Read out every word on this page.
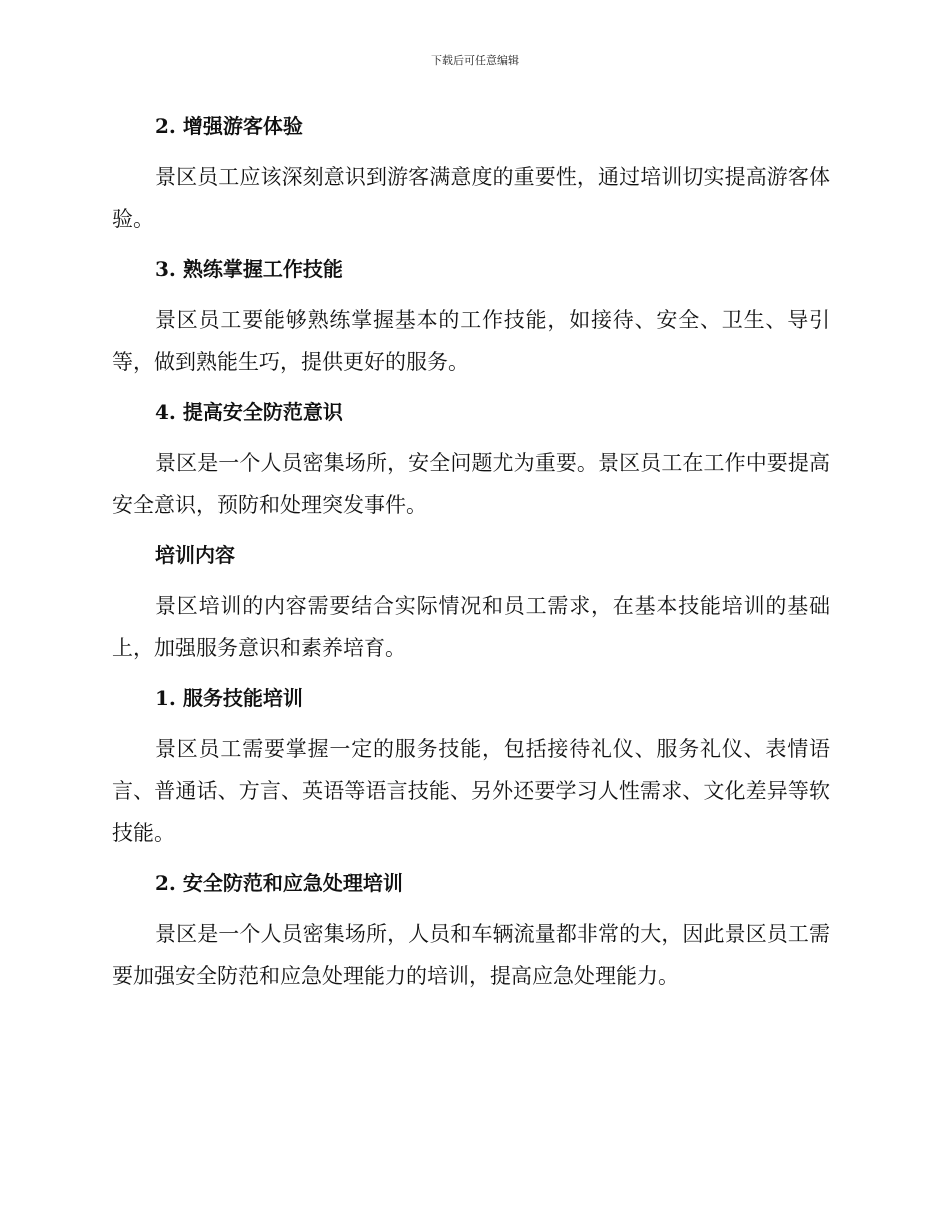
下载后可任意编辑
2. 增强游客体验

景区员工应该深刻意识到游客满意度的重要性，通过培训切实提高游客体验。

3. 熟练掌握工作技能

景区员工要能够熟练掌握基本的工作技能，如接待、安全、卫生、导引等，做到熟能生巧，提供更好的服务。

4. 提高安全防范意识

景区是一个人员密集场所，安全问题尤为重要。景区员工在工作中要提高安全意识，预防和处理突发事件。

培训内容

景区培训的内容需要结合实际情况和员工需求，在基本技能培训的基础上，加强服务意识和素养培育。

1. 服务技能培训

景区员工需要掌握一定的服务技能，包括接待礼仪、服务礼仪、表情语言、普通话、方言、英语等语言技能、另外还要学习人性需求、文化差异等软技能。

2. 安全防范和应急处理培训

景区是一个人员密集场所，人员和车辆流量都非常的大，因此景区员工需要加强安全防范和应急处理能力的培训，提高应急处理能力。
